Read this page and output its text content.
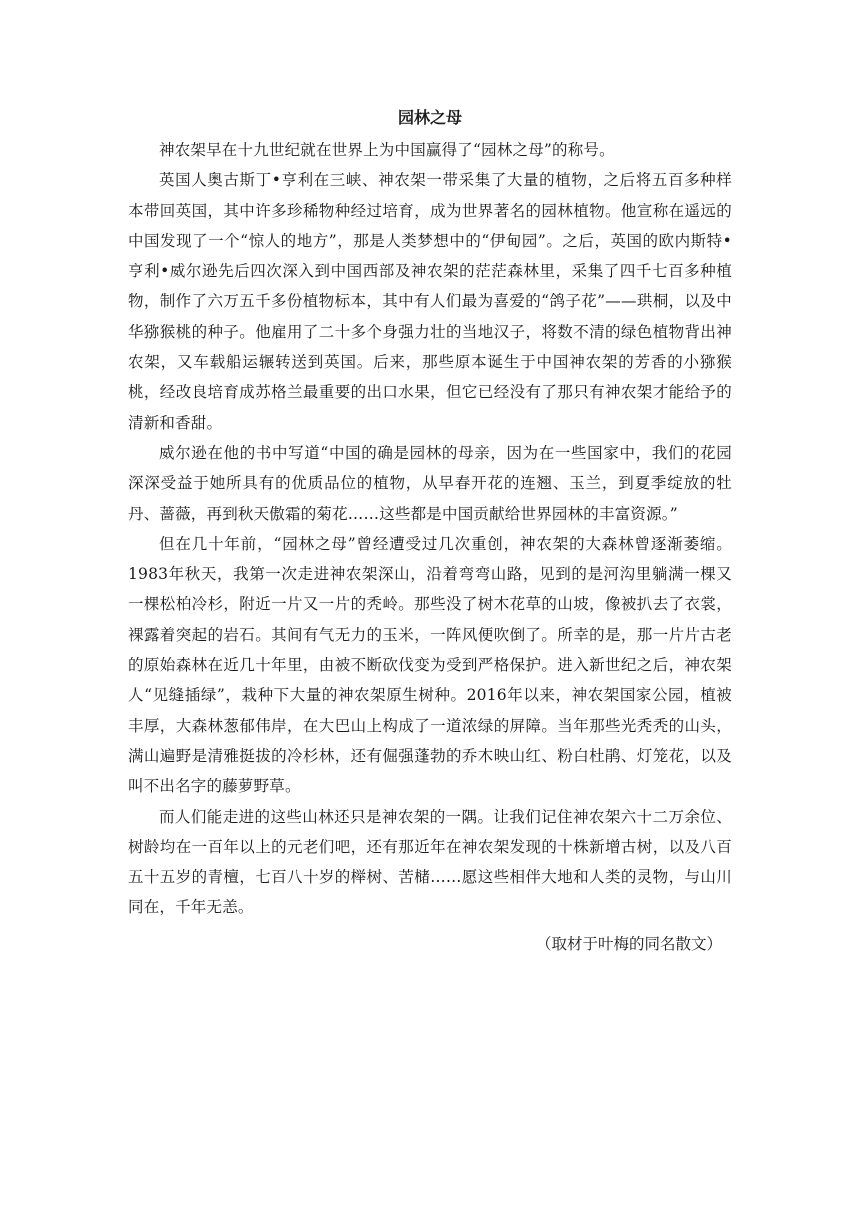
园林之母

神农架早在十九世纪就在世界上为中国赢得了“园林之母”的称号。

英国人奥古斯丁•亨利在三峡、神农架一带采集了大量的植物，之后将五百多种样本带回英国，其中许多珍稀物种经过培育，成为世界著名的园林植物。他宣称在遥远的中国发现了一个“惊人的地方”，那是人类梦想中的“伊甸园”。之后，英国的欧内斯特•亨利•威尔逊先后四次深入到中国西部及神农架的茫茫森林里，采集了四千七百多种植物，制作了六万五千多份植物标本，其中有人们最为喜爱的“鸽子花”——珙桐，以及中华猕猴桃的种子。他雇用了二十多个身强力壮的当地汉子，将数不清的绿色植物背出神农架，又车载船运辗转送到英国。后来，那些原本诞生于中国神农架的芳香的小猕猴桃，经改良培育成苏格兰最重要的出口水果，但它已经没有了那只有神农架才能给予的清新和香甜。

威尔逊在他的书中写道“中国的确是园林的母亲，因为在一些国家中，我们的花园深深受益于她所具有的优质品位的植物，从早春开花的连翘、玉兰，到夏季绽放的牡丹、蔷薇，再到秋天傲霜的菊花……这些都是中国贡献给世界园林的丰富资源。”

但在几十年前，“园林之母”曾经遭受过几次重创，神农架的大森林曾逐渐萎缩。1983年秋天，我第一次走进神农架深山，沿着弯弯山路，见到的是河沟里躺满一棵又一棵松柏冷杉，附近一片又一片的秃岭。那些没了树木花草的山坡，像被扒去了衣裳，裸露着突起的岩石。其间有气无力的玉米，一阵风便吹倒了。所幸的是，那一片片古老的原始森林在近几十年里，由被不断砍伐变为受到严格保护。进入新世纪之后，神农架人“见缝插绿”，栽种下大量的神农架原生树种。2016年以来，神农架国家公园，植被丰厚，大森林葱郁伟岸，在大巴山上构成了一道浓绿的屏障。当年那些光秃秃的山头，满山遍野是清雅挺拔的冷杉林，还有倔强蓬勃的乔木映山红、粉白杜鹃、灯笼花，以及叫不出名字的藤萝野草。

而人们能走进的这些山林还只是神农架的一隅。让我们记住神农架六十二万余位、树龄均在一百年以上的元老们吧，还有那近年在神农架发现的十株新增古树，以及八百五十五岁的青檀，七百八十岁的榉树、苦槠……愿这些相伴大地和人类的灵物，与山川同在，千年无恙。

（取材于叶梅的同名散文）
